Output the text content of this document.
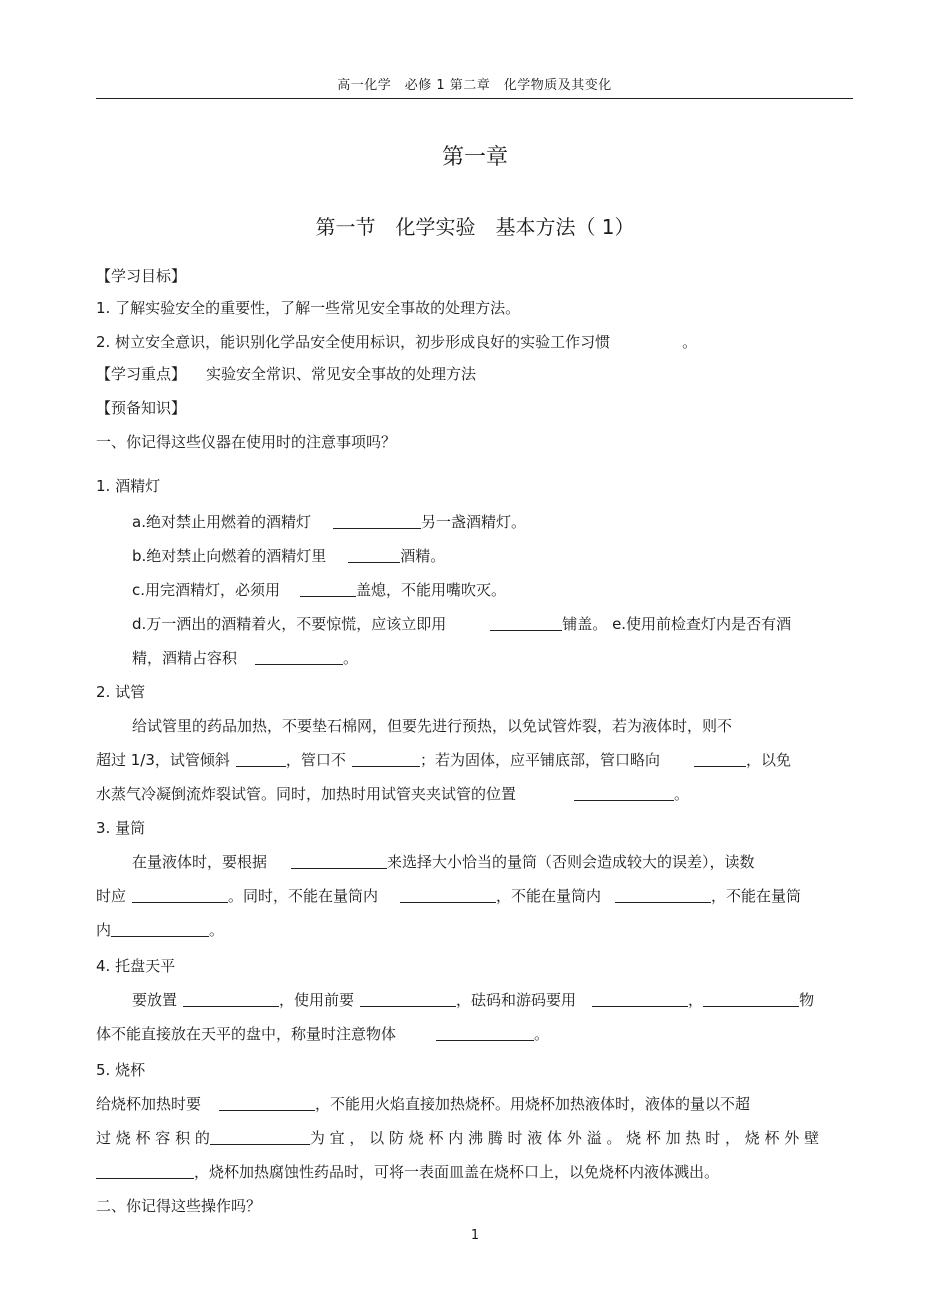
高一化学　必修 1 第二章　化学物质及其变化
第一章
第一节　化学实验　基本方法（ 1）
【学习目标】
1. 了解实验安全的重要性，了解一些常见安全事故的处理方法。
2. 树立安全意识，能识别化学品安全使用标识，初步形成良好的实验工作习惯	。
【学习重点】 实验安全常识、常见安全事故的处理方法
【预备知识】
一、你记得这些仪器在使用时的注意事项吗？
1. 酒精灯
a.绝对禁止用燃着的酒精灯	另一盏酒精灯。
b.绝对禁止向燃着的酒精灯里	酒精。
c.用完酒精灯，必须用	盖熄，不能用嘴吹灭。
d.万一洒出的酒精着火，不要惊慌，应该立即用	铺盖。 e.使用前检查灯内是否有酒
精，酒精占容积	。
2. 试管
给试管里的药品加热，不要垫石棉网，但要先进行预热，以免试管炸裂，若为液体时，则不
超过 1/3，试管倾斜	，管口不	；若为固体，应平铺底部，管口略向	，以免
水蒸气冷凝倒流炸裂试管。同时，加热时用试管夹夹试管的位置	。
3. 量筒
在量液体时，要根据	来选择大小恰当的量筒（否则会造成较大的误差），读数
时应	。同时，不能在量筒内	，不能在量筒内	，不能在量筒
内	。
4. 托盘天平
要放置	，使用前要	，砝码和游码要用	，	物
体不能直接放在天平的盘中，称量时注意物体	。
5. 烧杯
给烧杯加热时要	，不能用火焰直接加热烧杯。用烧杯加热液体时，液体的量以不超
过 烧 杯 容 积 的	为 宜 ， 以 防 烧 杯 内 沸 腾 时 液 体 外 溢 。 烧 杯 加 热 时 ， 烧 杯 外 壁
，烧杯加热腐蚀性药品时，可将一表面皿盖在烧杯口上，以免烧杯内液体溅出。
二、你记得这些操作吗？
1
